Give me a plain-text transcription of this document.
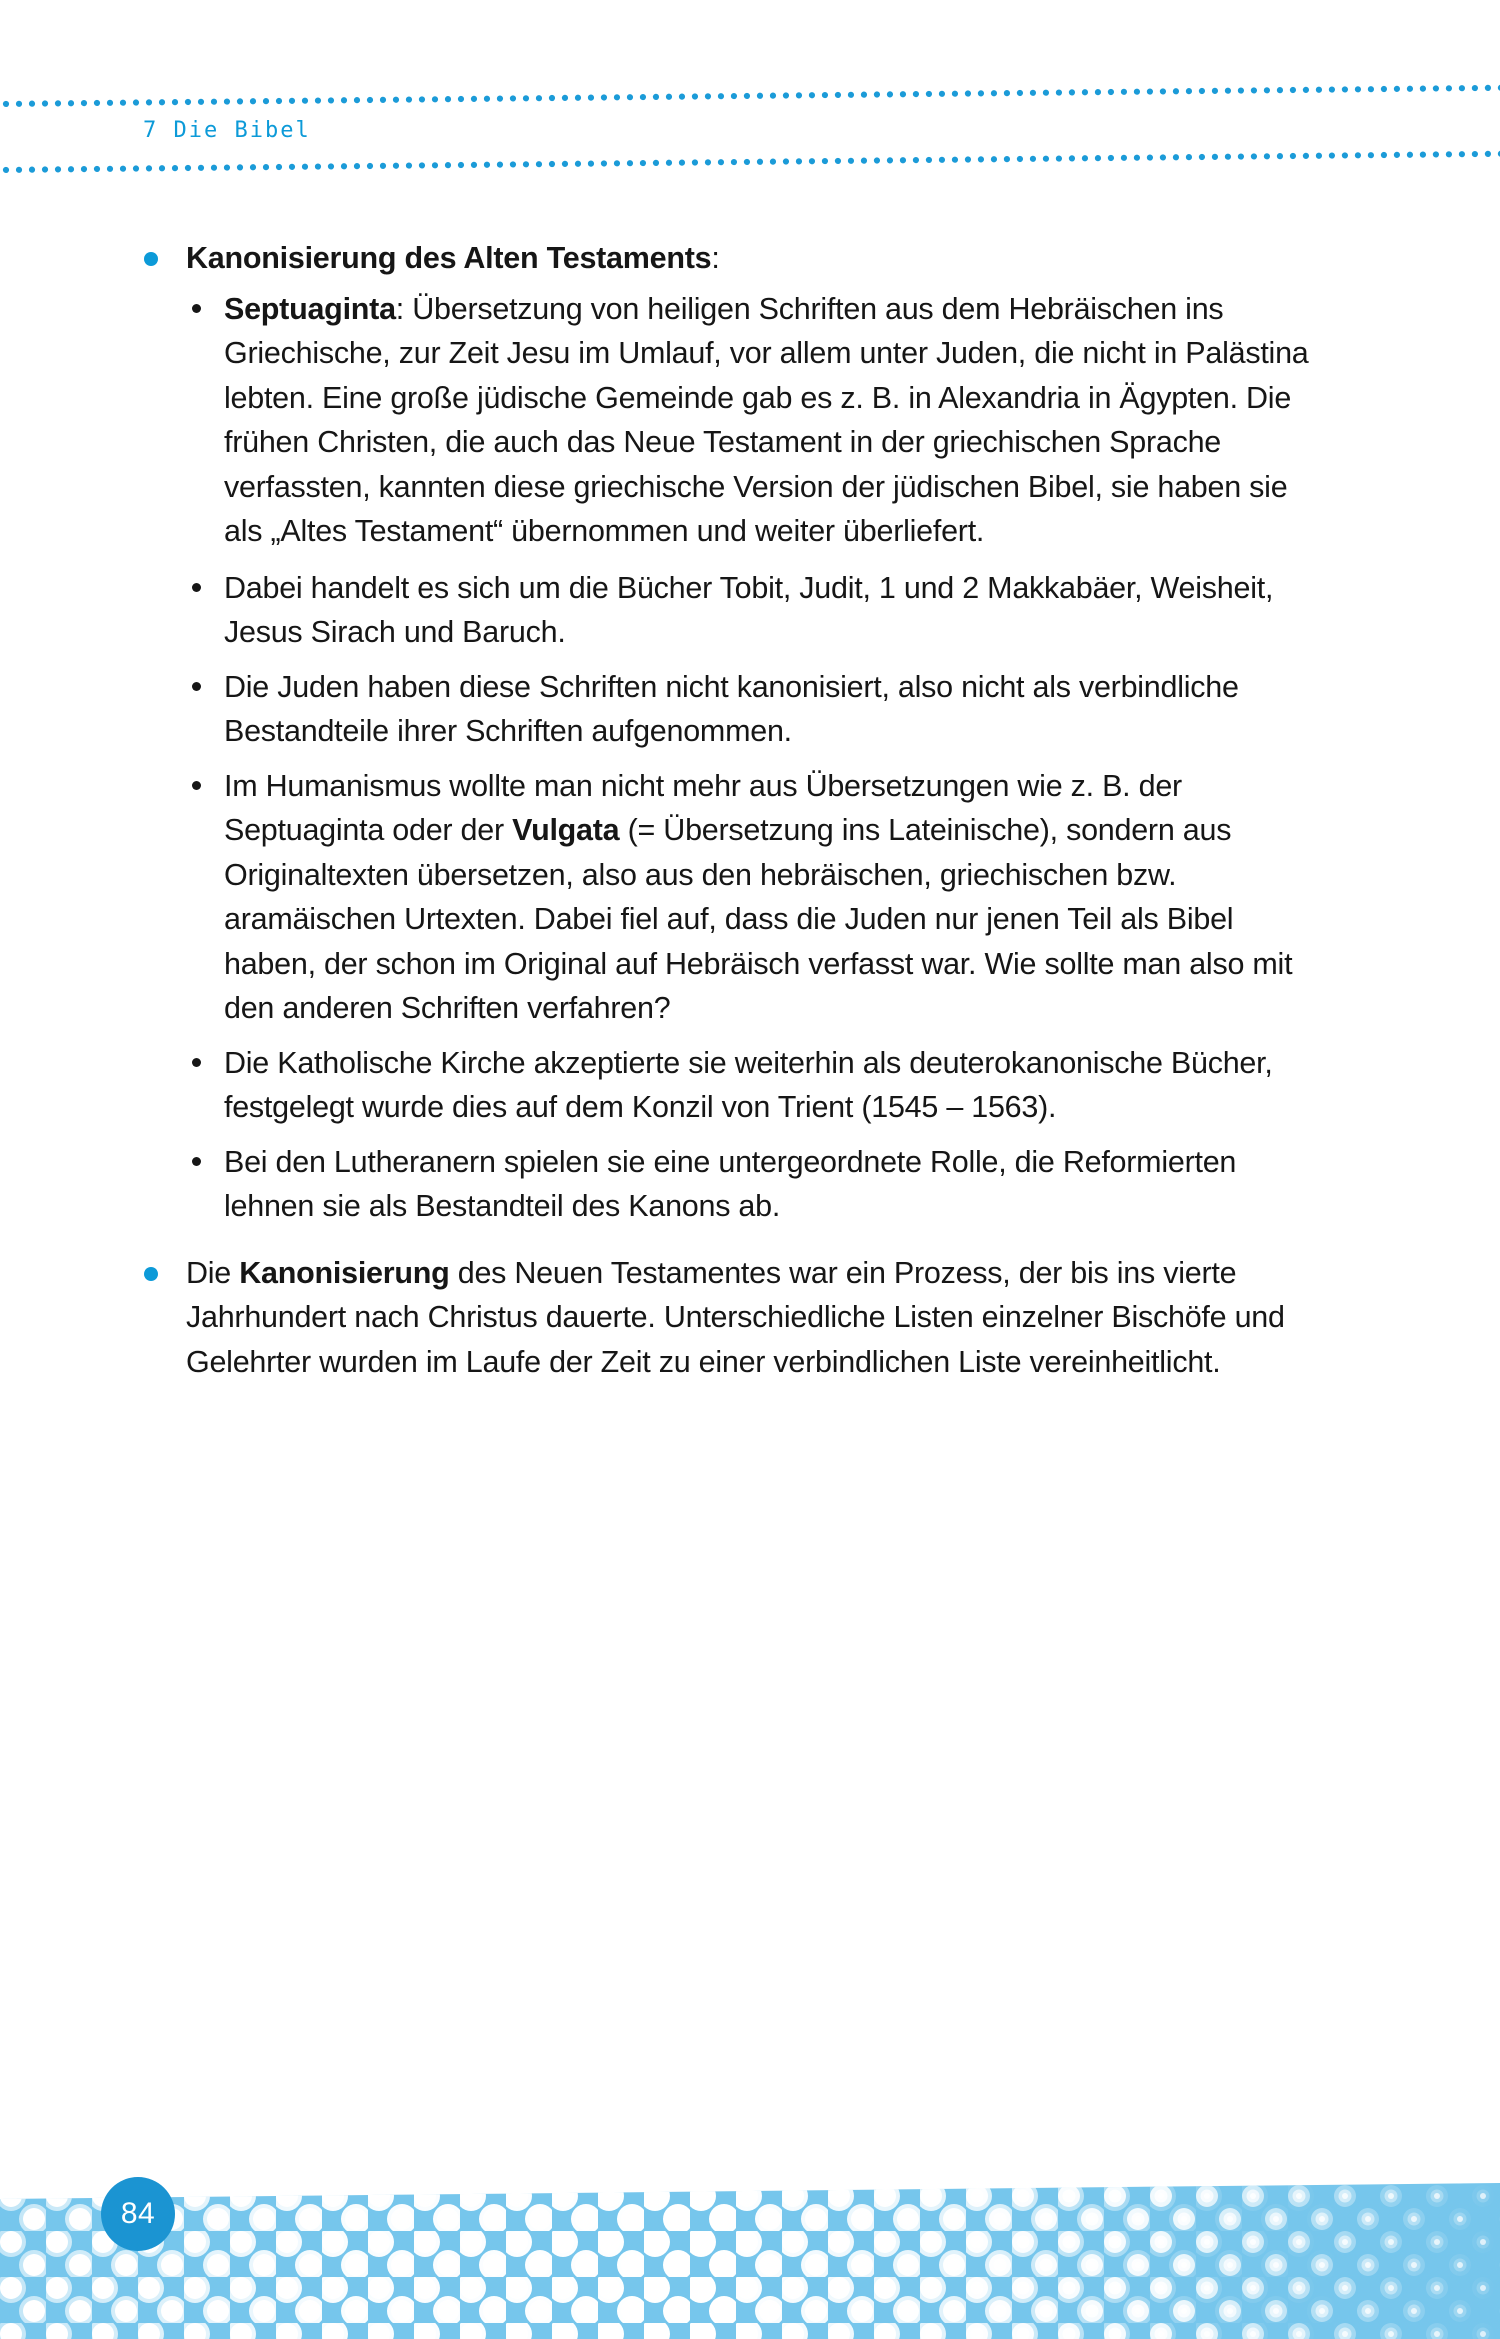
7 Die Bibel
Kanonisierung des Alten Testaments:
Septuaginta: Übersetzung von heiligen Schriften aus dem Hebräischen ins Griechische, zur Zeit Jesu im Umlauf, vor allem unter Juden, die nicht in Palästina lebten. Eine große jüdische Gemeinde gab es z. B. in Alexandria in Ägypten. Die frühen Christen, die auch das Neue Testament in der griechischen Sprache verfassten, kannten diese griechische Version der jüdischen Bibel, sie haben sie als „Altes Testament“ übernommen und weiter überliefert.
Dabei handelt es sich um die Bücher Tobit, Judit, 1 und 2 Makkabäer, Weisheit, Jesus Sirach und Baruch.
Die Juden haben diese Schriften nicht kanonisiert, also nicht als verbindliche Bestandteile ihrer Schriften aufgenommen.
Im Humanismus wollte man nicht mehr aus Übersetzungen wie z. B. der Septuaginta oder der Vulgata (= Übersetzung ins Lateinische), sondern aus Originaltexten übersetzen, also aus den hebräischen, griechischen bzw. aramäischen Urtexten. Dabei fiel auf, dass die Juden nur jenen Teil als Bibel haben, der schon im Original auf Hebräisch verfasst war. Wie sollte man also mit den anderen Schriften verfahren?
Die Katholische Kirche akzeptierte sie weiterhin als deuterokanonische Bücher, festgelegt wurde dies auf dem Konzil von Trient (1545 – 1563).
Bei den Lutheranern spielen sie eine untergeordnete Rolle, die Reformierten lehnen sie als Bestandteil des Kanons ab.
Die Kanonisierung des Neuen Testamentes war ein Prozess, der bis ins vierte Jahrhundert nach Christus dauerte. Unterschiedliche Listen einzelner Bischöfe und Gelehrter wurden im Laufe der Zeit zu einer verbindlichen Liste vereinheitlicht.
84
